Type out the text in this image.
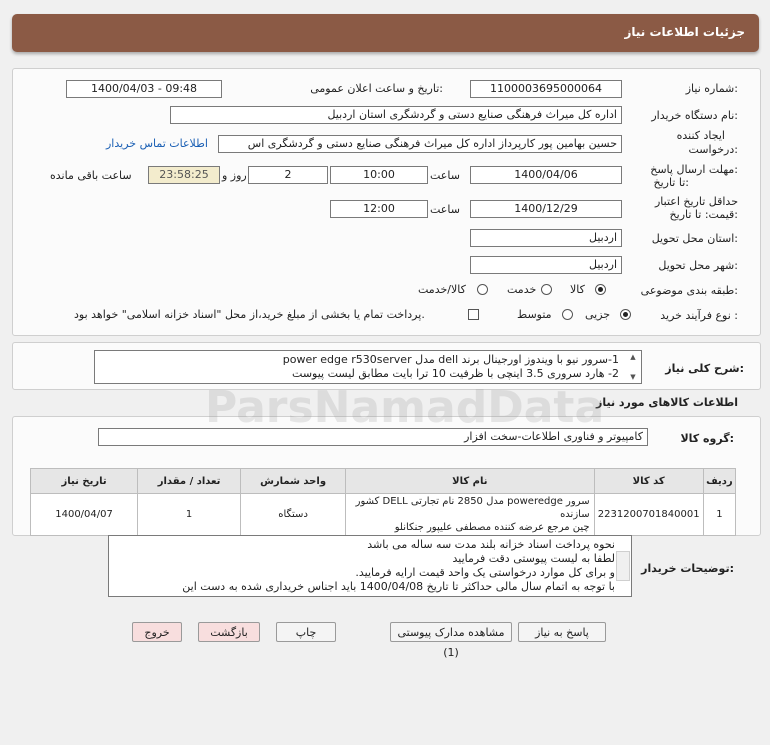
جزئیات اطلاعات نیاز
شماره نیاز:
1100003695000064
تاریخ و ساعت اعلان عمومی:
1400/04/03 - 09:48
نام دستگاه خریدار:
اداره کل میراث فرهنگی صنایع دستی و گردشگری استان اردبیل
ایجاد کننده
درخواست:
حسین بهامین پور کارپرداز اداره کل میراث فرهنگی صنایع دستی و گردشگری اس
اطلاعات تماس خریدار
مهلت ارسال پاسخ:
تا تاریخ:
1400/04/06
ساعت
10:00
2
روز و
23:58:25
ساعت باقی مانده
حداقل تاریخ اعتبار
قیمت: تا تاریخ:
1400/12/29
ساعت
12:00
استان محل تحویل:
اردبیل
شهر محل تحویل:
اردبیل
طبقه بندی موضوعی:
کالا
خدمت
کالا/خدمت
نوع فرآیند خرید :
جزیی
متوسط
پرداخت تمام یا بخشی از مبلغ خرید،از محل "اسناد خزانه اسلامی" خواهد بود.
شرح کلی نیاز:
1-سرور نیو با ویندوز اورجینال برند dell مدل power edge r530server
2- هارد سروری 3.5 اینچی با ظرفیت 10 ترا بایت مطابق لیست پیوست
▲
▼
اطلاعات کالاهای مورد نیاز
گروه کالا:
کامپیوتر و فناوری اطلاعات-سخت افزار
ردیف	کد کالا	نام کالا	واحد شمارش	تعداد / مقدار	تاریخ نیاز
1	2231200701840001	سرور poweredge مدل 2850 نام تجارتی DELL کشور سازنده
چین مرجع عرضه کننده مصطفی علیپور جنکانلو	دستگاه	1	1400/04/07
توضیحات خریدار:
نحوه پرداخت اسناد خزانه بلند مدت سه ساله می باشد
لطفا به لیست پیوستی دقت فرمایید
و برای کل موارد درخواستی یک واحد قیمت ارایه فرمایید.
با توجه به اتمام سال مالی حداکثر تا تاریخ 1400/04/08 باید اجناس خریداری شده به دست این
پاسخ به نیاز
مشاهده مدارک پیوستی (1)
چاپ
بازگشت
خروج
ParsNamadData
